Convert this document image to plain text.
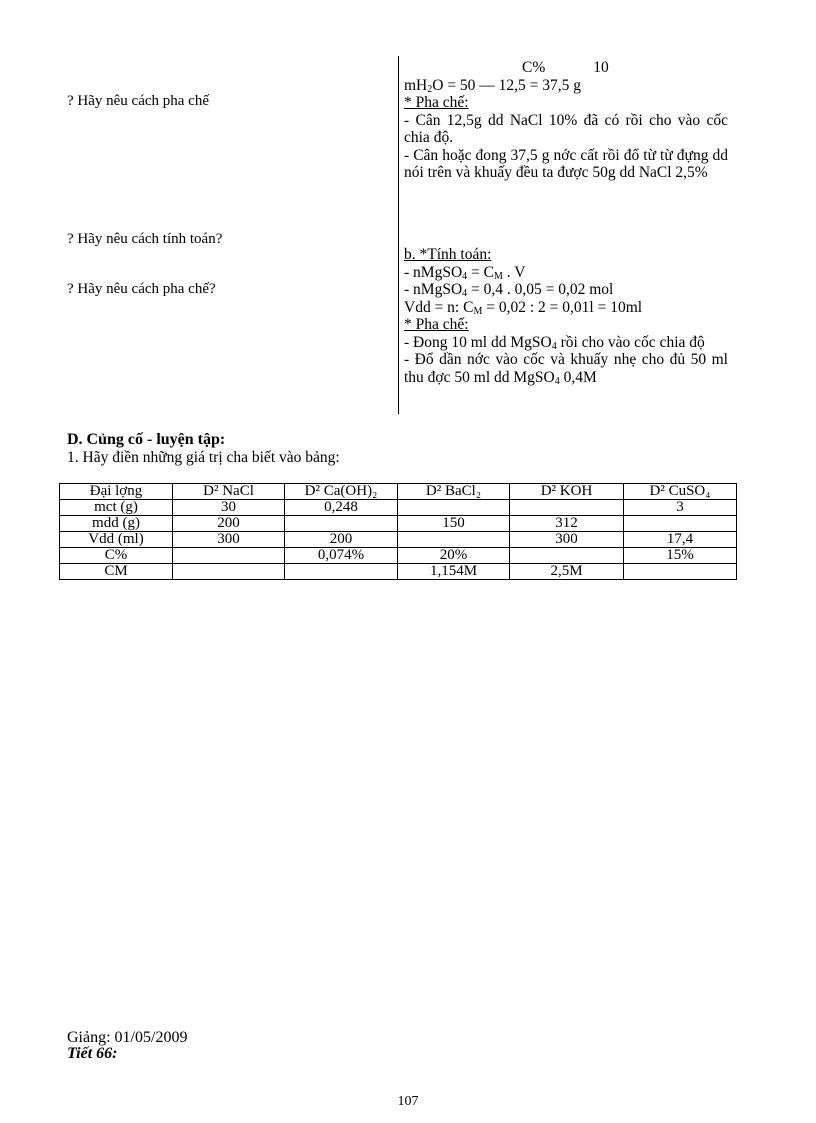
? Hãy nêu cách pha chế
? Hãy nêu cách tính toán?
? Hãy nêu cách pha chế?
C%	10
$mH_2O = 50$ — 12,5 = 37,5 g
* Pha chế:
- Cân 12,5g dd NaCl 10% đã có rồi cho vào cốc chia độ.
- Cân hoặc đong 37,5 g nớc cất rồi đổ từ từ đựng dd nói trên và khuấy đều ta được 50g dd NaCl 2,5%
b. *Tính toán:
- nMgSO$_4$ = $C_M$ . V
- nMgSO$_4$ = 0,4 . 0,05 = 0,02 mol
Vdd = n: $C_M = 0,02$ : 2 = 0,01l = 10ml
* Pha chế:
- Đong 10 ml dd MgSO$_4$ rồi cho vào cốc chia độ
- Đổ dần nớc vào cốc và khuấy nhẹ cho đủ 50 ml thu đợc 50 ml dd MgSO$_4$ 0,4M
D. Củng cố - luyện tập:
1. Hãy điền những giá trị cha biết vào bảng:
Đại lợng	D² NaCl	D² Ca(OH)₂	D² BaCl₂	D² KOH	D² CuSO₄
mct (g)	30	0,248			3
mdd (g)	200		150	312	
Vdd (ml)	300	200		300	17,4
C%		0,074%	20%		15%
CM			1,154M	2,5M	
Giảng: 01/05/2009
Tiết 66:
107
